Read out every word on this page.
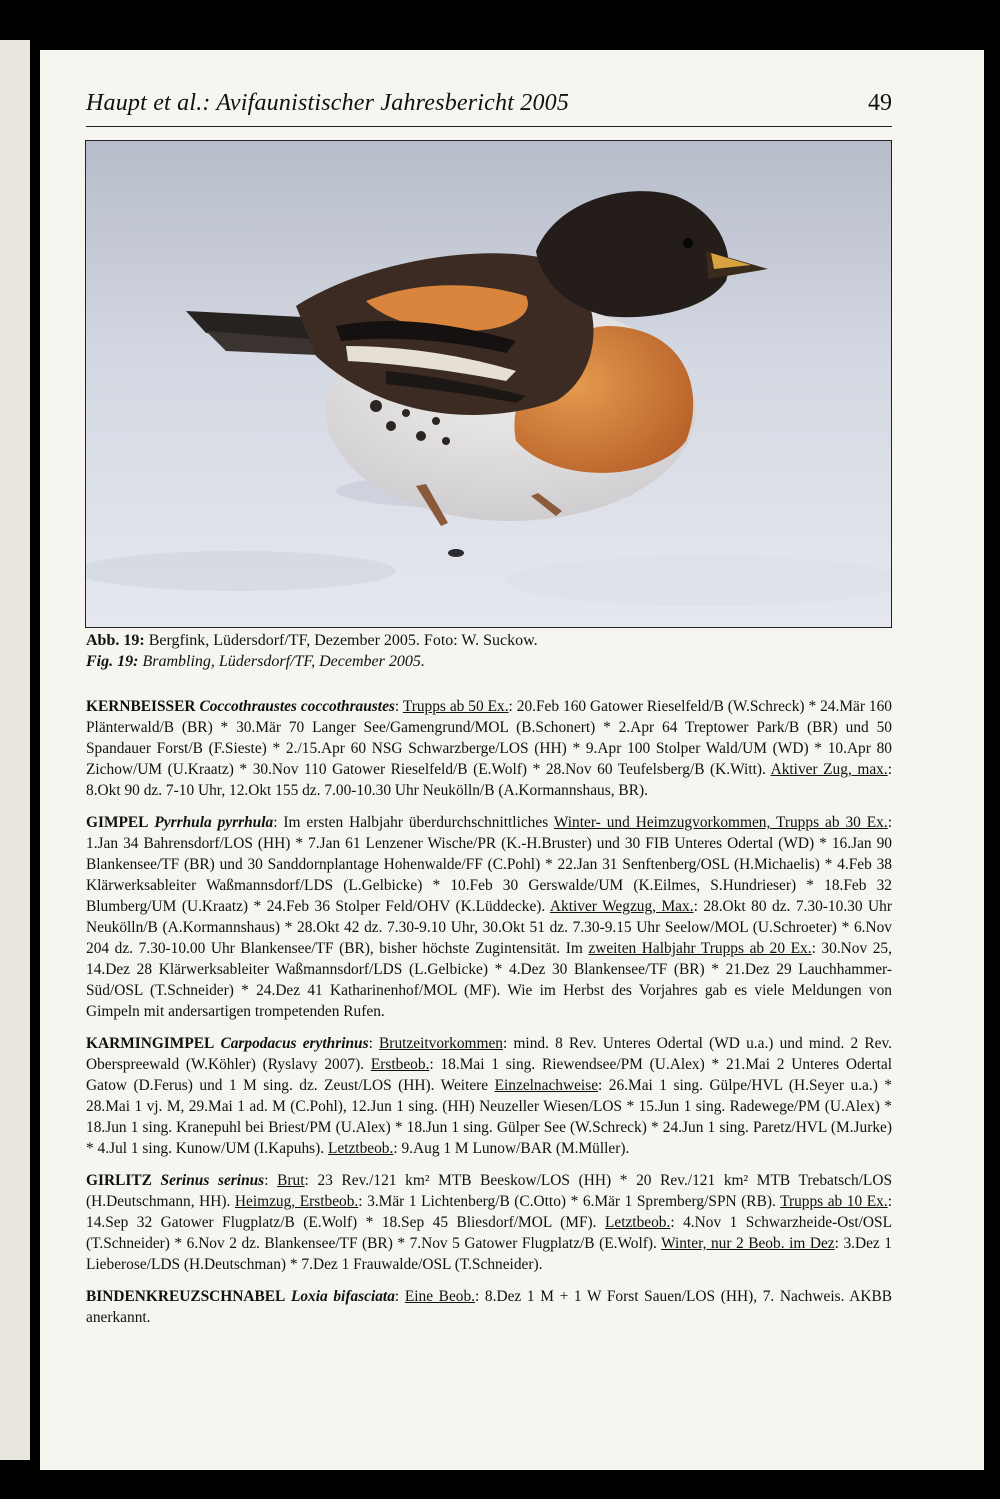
Haupt et al.: Avifaunistischer Jahresbericht 2005	49
Abb. 19: Bergfink, Lüdersdorf/TF, Dezember 2005. Foto: W. Suckow.
Fig. 19: Brambling, Lüdersdorf/TF, December 2005.

KERNBEISSER Coccothraustes coccothraustes: Trupps ab 50 Ex.: 20.Feb 160 Gatower Rieselfeld/B (W.Schreck) * 24.Mär 160 Plänterwald/B (BR) * 30.Mär 70 Langer See/Gamengrund/MOL (B.Schonert) * 2.Apr 64 Treptower Park/B (BR) und 50 Spandauer Forst/B (F.Sieste) * 2./15.Apr 60 NSG Schwarzberge/LOS (HH) * 9.Apr 100 Stolper Wald/UM (WD) * 10.Apr 80 Zichow/UM (U.Kraatz) * 30.Nov 110 Gatower Rieselfeld/B (E.Wolf) * 28.Nov 60 Teufelsberg/B (K.Witt). Aktiver Zug, max.: 8.Okt 90 dz. 7-10 Uhr, 12.Okt 155 dz. 7.00-10.30 Uhr Neukölln/B (A.Kormannshaus, BR).

GIMPEL Pyrrhula pyrrhula: Im ersten Halbjahr überdurchschnittliches Winter- und Heimzugvorkommen, Trupps ab 30 Ex.: 1.Jan 34 Bahrensdorf/LOS (HH) * 7.Jan 61 Lenzener Wische/PR (K.-H.Bruster) und 30 FIB Unteres Odertal (WD) * 16.Jan 90 Blankensee/TF (BR) und 30 Sanddornplantage Hohenwalde/FF (C.Pohl) * 22.Jan 31 Senftenberg/OSL (H.Michaelis) * 4.Feb 38 Klärwerksableiter Waßmannsdorf/LDS (L.Gelbicke) * 10.Feb 30 Gerswalde/UM (K.Eilmes, S.Hundrieser) * 18.Feb 32 Blumberg/UM (U.Kraatz) * 24.Feb 36 Stolper Feld/OHV (K.Lüddecke). Aktiver Wegzug, Max.: 28.Okt 80 dz. 7.30-10.30 Uhr Neukölln/B (A.Kormannshaus) * 28.Okt 42 dz. 7.30-9.10 Uhr, 30.Okt 51 dz. 7.30-9.15 Uhr Seelow/MOL (U.Schroeter) * 6.Nov 204 dz. 7.30-10.00 Uhr Blankensee/TF (BR), bisher höchste Zugintensität. Im zweiten Halbjahr Trupps ab 20 Ex.: 30.Nov 25, 14.Dez 28 Klärwerksableiter Waßmannsdorf/LDS (L.Gelbicke) * 4.Dez 30 Blankensee/TF (BR) * 21.Dez 29 Lauchhammer-Süd/OSL (T.Schneider) * 24.Dez 41 Katharinenhof/MOL (MF). Wie im Herbst des Vorjahres gab es viele Meldungen von Gimpeln mit andersartigen trompetenden Rufen.

KARMINGIMPEL Carpodacus erythrinus: Brutzeitvorkommen: mind. 8 Rev. Unteres Odertal (WD u.a.) und mind. 2 Rev. Oberspreewald (W.Köhler) (Ryslavy 2007). Erstbeob.: 18.Mai 1 sing. Riewendsee/PM (U.Alex) * 21.Mai 2 Unteres Odertal Gatow (D.Ferus) und 1 M sing. dz. Zeust/LOS (HH). Weitere Einzelnachweise: 26.Mai 1 sing. Gülpe/HVL (H.Seyer u.a.) * 28.Mai 1 vj. M, 29.Mai 1 ad. M (C.Pohl), 12.Jun 1 sing. (HH) Neuzeller Wiesen/LOS * 15.Jun 1 sing. Radewege/PM (U.Alex) * 18.Jun 1 sing. Kranepuhl bei Briest/PM (U.Alex) * 18.Jun 1 sing. Gülper See (W.Schreck) * 24.Jun 1 sing. Paretz/HVL (M.Jurke) * 4.Jul 1 sing. Kunow/UM (I.Kapuhs). Letztbeob.: 9.Aug 1 M Lunow/BAR (M.Müller).

GIRLITZ Serinus serinus: Brut: 23 Rev./121 km² MTB Beeskow/LOS (HH) * 20 Rev./121 km² MTB Trebatsch/LOS (H.Deutschmann, HH). Heimzug, Erstbeob.: 3.Mär 1 Lichtenberg/B (C.Otto) * 6.Mär 1 Spremberg/SPN (RB). Trupps ab 10 Ex.: 14.Sep 32 Gatower Flugplatz/B (E.Wolf) * 18.Sep 45 Bliesdorf/MOL (MF). Letztbeob.: 4.Nov 1 Schwarzheide-Ost/OSL (T.Schneider) * 6.Nov 2 dz. Blankensee/TF (BR) * 7.Nov 5 Gatower Flugplatz/B (E.Wolf). Winter, nur 2 Beob. im Dez: 3.Dez 1 Lieberose/LDS (H.Deutschman) * 7.Dez 1 Frauwalde/OSL (T.Schneider).

BINDENKREUZSCHNABEL Loxia bifasciata: Eine Beob.: 8.Dez 1 M + 1 W Forst Sauen/LOS (HH), 7. Nachweis. AKBB anerkannt.
